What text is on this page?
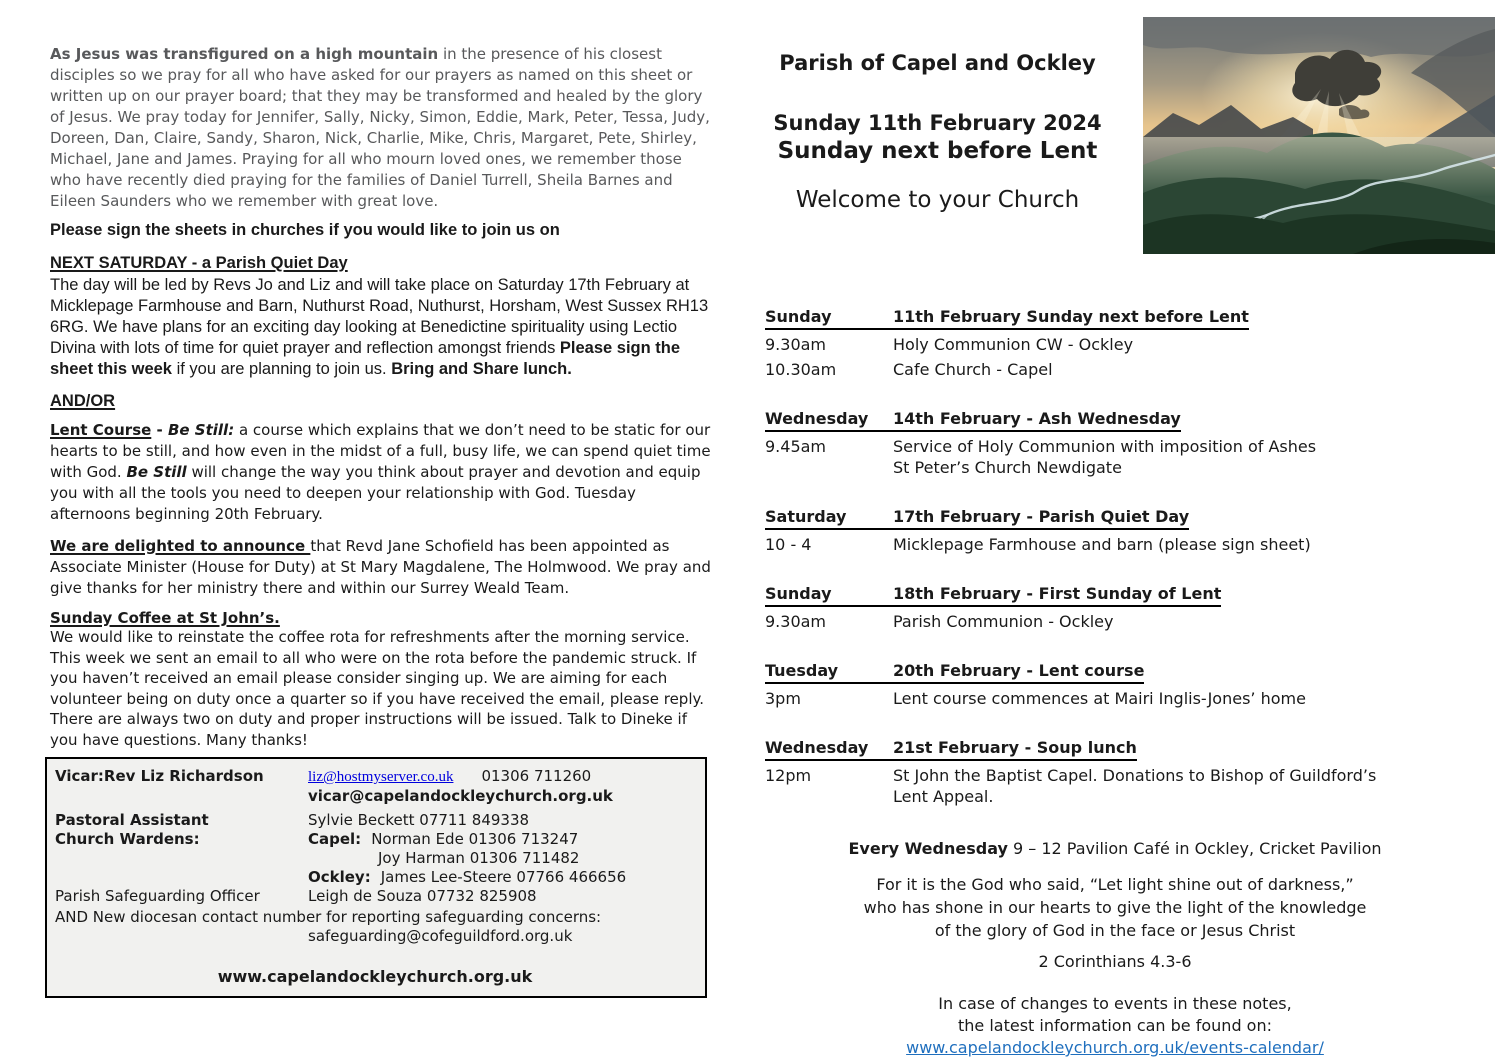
As Jesus was transfigured on a high mountain in the presence of his closest disciples so we pray for all who have asked for our prayers as named on this sheet or written up on our prayer board; that they may be transformed and healed by the glory of Jesus. We pray today for Jennifer, Sally, Nicky, Simon, Eddie, Mark, Peter, Tessa, Judy, Doreen, Dan, Claire, Sandy, Sharon, Nick, Charlie, Mike, Chris, Margaret, Pete, Shirley, Michael, Jane and James. Praying for all who mourn loved ones, we remember those who have recently died praying for the families of Daniel Turrell, Sheila Barnes and Eileen Saunders who we remember with great love.

Please sign the sheets in churches if you would like to join us on

NEXT SATURDAY - a Parish Quiet Day

The day will be led by Revs Jo and Liz and will take place on Saturday 17th February at Micklepage Farmhouse and Barn, Nuthurst Road, Nuthurst, Horsham, West Sussex RH13 6RG. We have plans for an exciting day looking at Benedictine spirituality using Lectio Divina with lots of time for quiet prayer and reflection amongst friends Please sign the sheet this week if you are planning to join us. Bring and Share lunch.

AND/OR

Lent Course - Be Still: a course which explains that we don’t need to be static for our hearts to be still, and how even in the midst of a full, busy life, we can spend quiet time with God. Be Still will change the way you think about prayer and devotion and equip you with all the tools you need to deepen your relationship with God. Tuesday afternoons beginning 20th February.

We are delighted to announce that Revd Jane Schofield has been appointed as Associate Minister (House for Duty) at St Mary Magdalene, The Holmwood. We pray and give thanks for her ministry there and within our Surrey Weald Team.

Sunday Coffee at St John’s.

We would like to reinstate the coffee rota for refreshments after the morning service. This week we sent an email to all who were on the rota before the pandemic struck. If you haven’t received an email please consider singing up. We are aiming for each volunteer being on duty once a quarter so if you have received the email, please reply. There are always two on duty and proper instructions will be issued. Talk to Dineke if you have questions. Many thanks!

Vicar:Rev Liz Richardson	liz@hostmyserver.co.uk 01306 711260
vicar@capelandockleychurch.org.uk
Pastoral Assistant	Sylvie Beckett 07711 849338
Church Wardens:	Capel: Norman Ede 01306 713247
Joy Harman 01306 711482
Ockley: James Lee-Steere 07766 466656
Parish Safeguarding Officer	Leigh de Souza 07732 825908
AND New diocesan contact number for reporting safeguarding concerns:
safeguarding@cofeguildford.org.uk
www.capelandockleychurch.org.uk
Parish of Capel and Ockley
Sunday 11th February 2024
Sunday next before Lent
Welcome to your Church
Sunday	11th February Sunday next before Lent
9.30am	Holy Communion CW - Ockley
10.30am	Cafe Church - Capel
Wednesday	14th February - Ash Wednesday
9.45am	Service of Holy Communion with imposition of Ashes
St Peter’s Church Newdigate
Saturday	17th February - Parish Quiet Day
10 - 4	Micklepage Farmhouse and barn (please sign sheet)
Sunday	18th February - First Sunday of Lent
9.30am	Parish Communion - Ockley
Tuesday	20th February - Lent course
3pm	Lent course commences at Mairi Inglis-Jones’ home
Wednesday	21st February - Soup lunch
12pm	St John the Baptist Capel. Donations to Bishop of Guildford’s
Lent Appeal.
Every Wednesday 9 – 12 Pavilion Café in Ockley, Cricket Pavilion
For it is the God who said, “Let light shine out of darkness,”
who has shone in our hearts to give the light of the knowledge
of the glory of God in the face or Jesus Christ
2 Corinthians 4.3-6
In case of changes to events in these notes,
the latest information can be found on:
www.capelandockleychurch.org.uk/events-calendar/
